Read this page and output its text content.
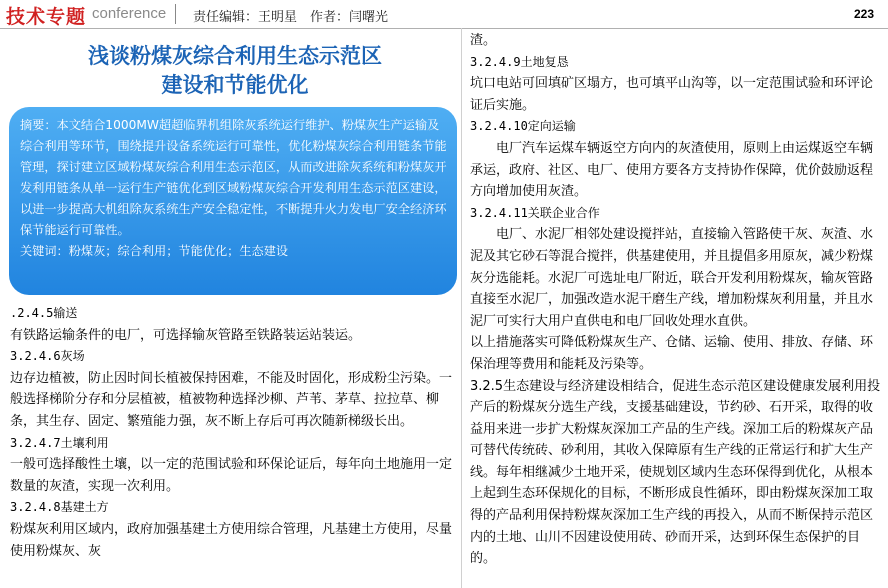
技术专题 conference 责任编辑：王明星　作者：闫曙光	223
浅谈粉煤灰综合利用生态示范区
建设和节能优化

摘要：本文结合1000MW超超临界机组除灰系统运行维护、粉煤灰生产运输及综合利用等环节，围绕提升设备系统运行可靠性，优化粉煤灰综合利用链条节能管理，探讨建立区域粉煤灰综合利用生态示范区，从而改进除灰系统和粉煤灰开发利用链条从单一运行生产链优化到区域粉煤灰综合开发利用生态示范区建设，以进一步提高大机组除灰系统生产安全稳定性，不断提升火力发电厂安全经济环保节能运行可靠性。

关键词：粉煤灰；综合利用；节能优化；生态建设

.2.4.5输送

有铁路运输条件的电厂，可选择输灰管路至铁路装运站装运。

3.2.4.6灰场

边存边植被，防止因时间长植被保持困难，不能及时固化，形成粉尘污染。一般选择梯阶分存和分层植被，植被物种选择沙柳、芦苇、茅草、拉拉草、柳条，其生存、固定、繁殖能力强，灰不断上存后可再次随新梯级长出。

3.2.4.7土壤利用

一般可选择酸性土壤，以一定的范围试验和环保论证后，每年向土地施用一定数量的灰渣，实现一次利用。

3.2.4.8基建土方

粉煤灰利用区域内，政府加强基建土方使用综合管理，凡基建土方使用，尽量使用粉煤灰、灰

渣。

3.2.4.9土地复恳

坑口电站可回填矿区塌方，也可填平山沟等，以一定范围试验和环评论证后实施。

3.2.4.10定向运输

电厂汽车运煤车辆返空方向内的灰渣使用，原则上由运煤返空车辆承运，政府、社区、电厂、使用方要各方支持协作保障，优价鼓励返程方向增加使用灰渣。

3.2.4.11关联企业合作

电厂、水泥厂相邻处建设搅拌站，直接输入管路使干灰、灰渣、水泥及其它砂石等混合搅拌，供基建使用，并且提倡多用原灰，减少粉煤灰分选能耗。水泥厂可选址电厂附近，联合开发利用粉煤灰，输灰管路直接至水泥厂，加强改造水泥干磨生产线，增加粉煤灰利用量，并且水泥厂可实行大用户直供电和电厂回收处理水直供。

以上措施落实可降低粉煤灰生产、仓储、运输、使用、排放、存储、环保治理等费用和能耗及污染等。

3.2.5生态建设与经济建设相结合，促进生态示范区建设健康发展利用投产后的粉煤灰分选生产线，支援基础建设，节约砂、石开采，取得的收益用来进一步扩大粉煤灰深加工产品的生产线。深加工后的粉煤灰产品可替代传统砖、砂利用，其收入保障原有生产线的正常运行和扩大生产线。每年相继减少土地开采，使规划区域内生态环保得到优化，从根本上起到生态环保规化的目标，不断形成良性循环，即由粉煤灰深加工取得的产品利用保持粉煤灰深加工生产线的再投入，从而不断保持示范区内的土地、山川不因建设使用砖、砂而开采，达到环保生态保护的目的。
